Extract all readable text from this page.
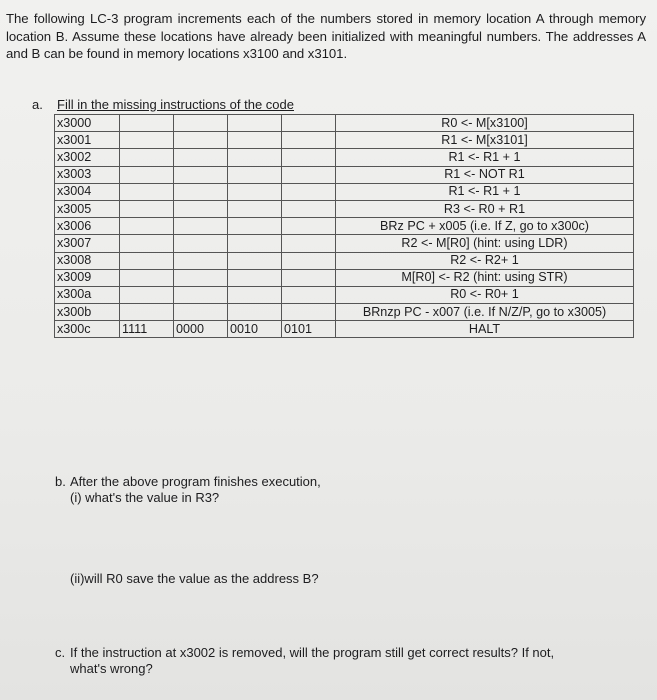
The following LC-3 program increments each of the numbers stored in memory location A through memory location B. Assume these locations have already been initialized with meaningful numbers. The addresses A and B can be found in memory locations x3100 and x3101.
a. Fill in the missing instructions of the code
x3000					R0 <- M[x3100]
x3001					R1 <- M[x3101]
x3002					R1 <- R1 + 1
x3003					R1 <- NOT R1
x3004					R1 <- R1 + 1
x3005					R3 <- R0 + R1
x3006					BRz PC + x005 (i.e. If Z, go to x300c)
x3007					R2 <- M[R0] (hint: using LDR)
x3008					R2 <- R2+ 1
x3009					M[R0] <- R2 (hint: using STR)
x300a					R0 <- R0+ 1
x300b					BRnzp PC - x007 (i.e. If N/Z/P, go to x3005)
x300c	1111	0000	0010	0101	HALT
b. After the above program finishes execution,
(i) what's the value in R3?
(ii)will R0 save the value as the address B?
c. If the instruction at x3002 is removed, will the program still get correct results? If not,
what's wrong?
